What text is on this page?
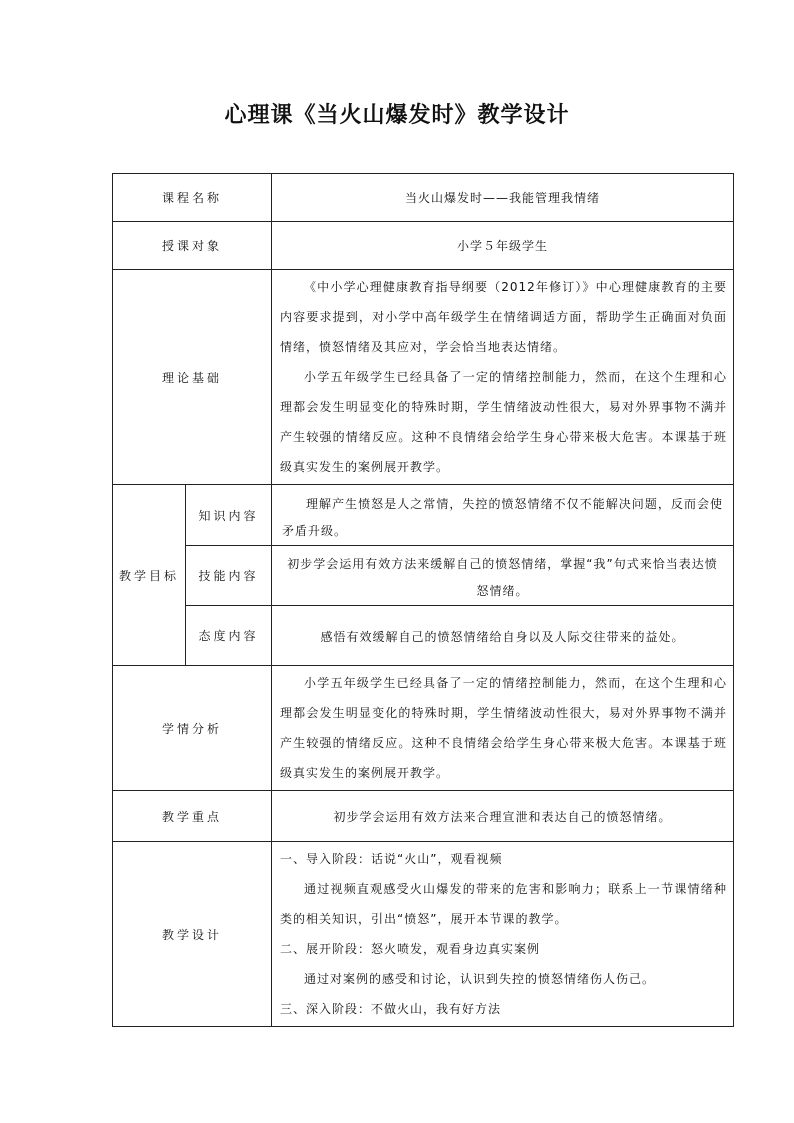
心理课《当火山爆发时》教学设计
课程名称		当火山爆发时——我能管理我情绪
授课对象		小学５年级学生
理论基础		《中小学心理健康教育指导纲要（2012年修订）》中心理健康教育的主要内容要求提到，对小学中高年级学生在情绪调适方面，帮助学生正确面对负面情绪，愤怒情绪及其应对，学会恰当地表达情绪。

小学五年级学生已经具备了一定的情绪控制能力，然而，在这个生理和心理都会发生明显变化的特殊时期，学生情绪波动性很大，易对外界事物不满并产生较强的情绪反应。这种不良情绪会给学生身心带来极大危害。本课基于班级真实发生的案例展开教学。

教学目标	知识内容	理解产生愤怒是人之常情，失控的愤怒情绪不仅不能解决问题，反而会使矛盾升级。

	技能内容	初步学会运用有效方法来缓解自己的愤怒情绪，掌握“我”句式来恰当表达愤怒情绪。

	态度内容	感悟有效缓解自己的愤怒情绪给自身以及人际交往带来的益处。

学情分析		小学五年级学生已经具备了一定的情绪控制能力，然而，在这个生理和心理都会发生明显变化的特殊时期，学生情绪波动性很大，易对外界事物不满并产生较强的情绪反应。这种不良情绪会给学生身心带来极大危害。本课基于班级真实发生的案例展开教学。

教学重点		初步学会运用有效方法来合理宣泄和表达自己的愤怒情绪。
教学设计		一、导入阶段：话说“火山”，观看视频

通过视频直观感受火山爆发的带来的危害和影响力；联系上一节课情绪种类的相关知识，引出“愤怒”，展开本节课的教学。

二、展开阶段：怒火喷发，观看身边真实案例

通过对案例的感受和讨论，认识到失控的愤怒情绪伤人伤己。

三、深入阶段：不做火山，我有好方法
